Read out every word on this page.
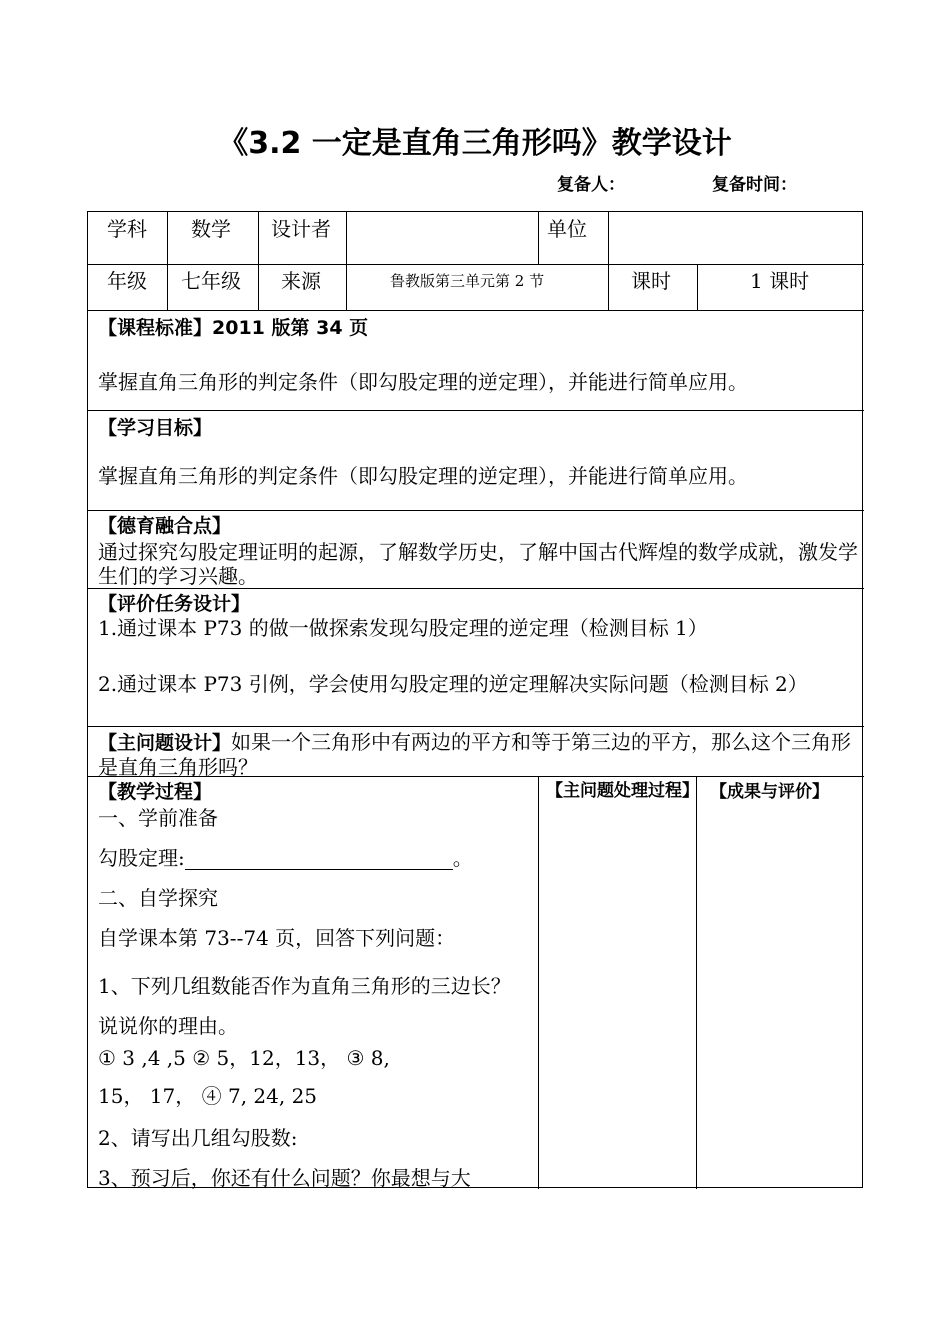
《3.2 一定是直角三角形吗》教学设计
复备人：	复备时间：
学科 数学 设计者	单位
年级 七年级 来源	鲁教版第三单元第 2 节	课时	1 课时
【课程标准】2011 版第 34 页
掌握直角三角形的判定条件（即勾股定理的逆定理），并能进行简单应用。
【学习目标】
掌握直角三角形的判定条件（即勾股定理的逆定理），并能进行简单应用。
【德育融合点】
通过探究勾股定理证明的起源，了解数学历史，了解中国古代辉煌的数学成就，激发学生们的学习兴趣。
【评价任务设计】
1.通过课本 P73 的做一做探索发现勾股定理的逆定理（检测目标 1）
2.通过课本 P73 引例，学会使用勾股定理的逆定理解决实际问题（检测目标 2）
【主问题设计】如果一个三角形中有两边的平方和等于第三边的平方，那么这个三角形是直角三角形吗？
【教学过程】	【主问题处理过程】 【成果与评价】
一、学前准备
勾股定理:	。
二、自学探究
自学课本第 73--74 页，回答下列问题：
1、下列几组数能否作为直角三角形的三边长？说说你的理由。
① 3 ,4 ,5 ② 5，12，13， ③ 8,
15， 17， ④ 7, 24, 25
2、请写出几组勾股数:
3、预习后，你还有什么问题？你最想与大
